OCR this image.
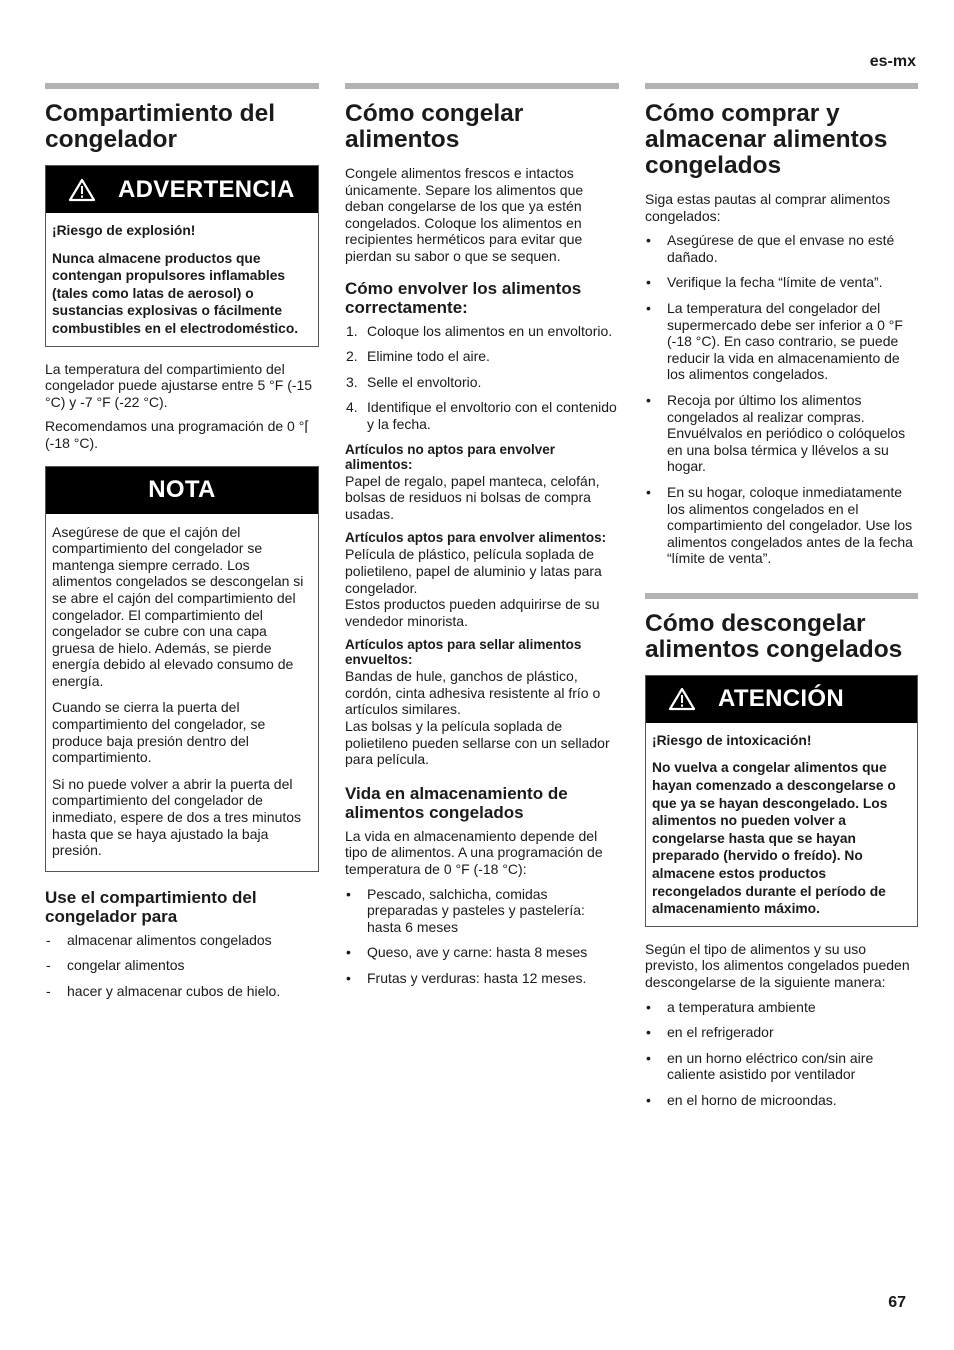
es-mx
Compartimiento del congelador
ADVERTENCIA

¡Riesgo de explosión!

Nunca almacene productos que contengan propulsores inflamables (tales como latas de aerosol) o sustancias explosivas o fácilmente combustibles en el electrodoméstico.

La temperatura del compartimiento del congelador puede ajustarse entre 5 °F (-15 °C) y -7 °F (-22 °C).

Recomendamos una programación de 0 °⌈ (-18 °C).

NOTA

Asegúrese de que el cajón del compartimiento del congelador se mantenga siempre cerrado. Los alimentos congelados se descongelan si se abre el cajón del compartimiento del congelador. El compartimiento del congelador se cubre con una capa gruesa de hielo. Además, se pierde energía debido al elevado consumo de energía.

Cuando se cierra la puerta del compartimiento del congelador, se produce baja presión dentro del compartimiento.

Si no puede volver a abrir la puerta del compartimiento del congelador de inmediato, espere de dos a tres minutos hasta que se haya ajustado la baja presión.

Use el compartimiento del congelador para
- almacenar alimentos congelados
- congelar alimentos
- hacer y almacenar cubos de hielo.
Cómo congelar alimentos

Congele alimentos frescos e intactos únicamente. Separe los alimentos que deban congelarse de los que ya estén congelados. Coloque los alimentos en recipientes herméticos para evitar que pierdan su sabor o que se sequen.

Cómo envolver los alimentos correctamente:
1. Coloque los alimentos en un envoltorio.
2. Elimine todo el aire.
3. Selle el envoltorio.
4. Identifique el envoltorio con el contenido y la fecha.
Artículos no aptos para envolver alimentos:

Papel de regalo, papel manteca, celofán, bolsas de residuos ni bolsas de compra usadas.

Artículos aptos para envolver alimentos:

Película de plástico, película soplada de polietileno, papel de aluminio y latas para congelador.

Estos productos pueden adquirirse de su vendedor minorista.

Artículos aptos para sellar alimentos envueltos:

Bandas de hule, ganchos de plástico, cordón, cinta adhesiva resistente al frío o artículos similares.

Las bolsas y la película soplada de polietileno pueden sellarse con un sellador para película.

Vida en almacenamiento de alimentos congelados

La vida en almacenamiento depende del tipo de alimentos. A una programación de temperatura de 0 °F (-18 °C):

• Pescado, salchicha, comidas preparadas y pasteles y pastelería: hasta 6 meses
• Queso, ave y carne: hasta 8 meses
• Frutas y verduras: hasta 12 meses.
Cómo comprar y almacenar alimentos congelados

Siga estas pautas al comprar alimentos congelados:

• Asegúrese de que el envase no esté dañado.
• Verifique la fecha “límite de venta”.
• La temperatura del congelador del supermercado debe ser inferior a 0 °F (-18 °C). En caso contrario, se puede reducir la vida en almacenamiento de los alimentos congelados.
• Recoja por último los alimentos congelados al realizar compras. Envuélvalos en periódico o colóquelos en una bolsa térmica y llévelos a su hogar.
• En su hogar, coloque inmediatamente los alimentos congelados en el compartimiento del congelador. Use los alimentos congelados antes de la fecha “límite de venta”.
Cómo descongelar alimentos congelados
ATENCIÓN

¡Riesgo de intoxicación!

No vuelva a congelar alimentos que hayan comenzado a descongelarse o que ya se hayan descongelado. Los alimentos no pueden volver a congelarse hasta que se hayan preparado (hervido o freído). No almacene estos productos recongelados durante el período de almacenamiento máximo.

Según el tipo de alimentos y su uso previsto, los alimentos congelados pueden descongelarse de la siguiente manera:

• a temperatura ambiente
• en el refrigerador
• en un horno eléctrico con/sin aire caliente asistido por ventilador
• en el horno de microondas.
67
